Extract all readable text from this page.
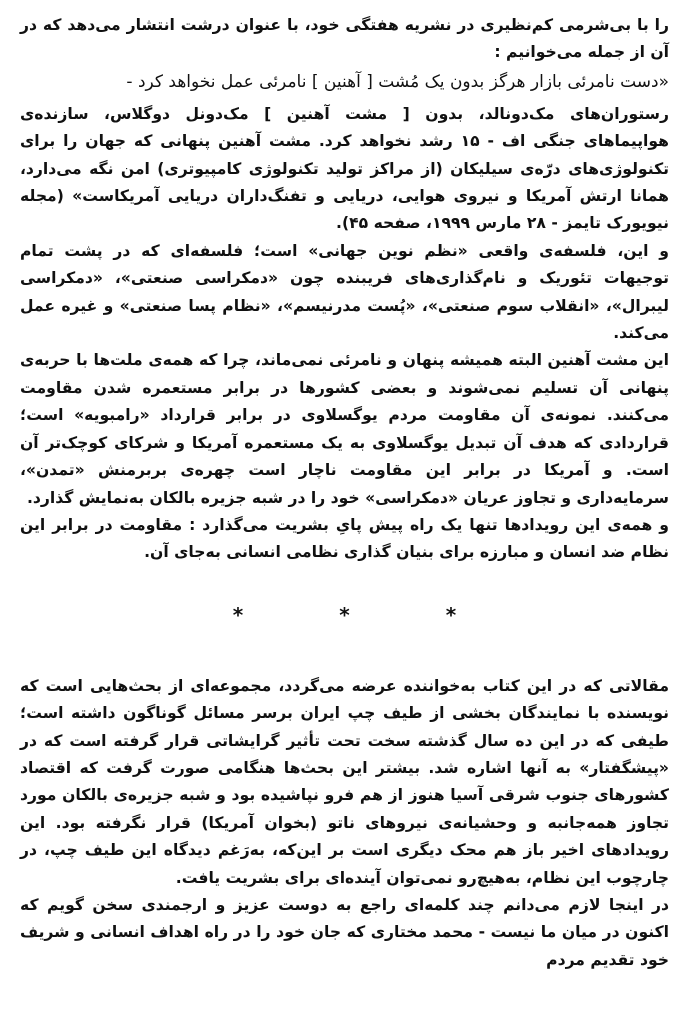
را با بی‌شرمی کم‌نظیری در نشریه هفتگی خود، با عنوان درشت انتشار می‌دهد که در آن از جمله می‌خوانیم :

«دست نامرئی بازار هرگز بدون یک مُشت [ آهنین ] نامرئی عمل نخواهد کرد -

رستوران‌های مک‌دونالد، بدون [ مشت آهنین ] مک‌دونل دوگلاس، سازنده‌ی هواپیماهای جنگی اف - ۱۵ رشد نخواهد کرد. مشت آهنین پنهانی که جهان را برای تکنولوژی‌های درّه‌ی سیلیکان (از مراکز تولید تکنولوژی کامپیوتری) امن نگه می‌دارد، همانا ارتش آمریکا و نیروی هوایی، دریایی و تفنگ‌داران دریایی آمریکاست» (مجله نیویورک تایمز - ۲۸ مارس ۱۹۹۹، صفحه ۴۵).

و این، فلسفه‌ی واقعی «نظم نوین جهانی» است؛ فلسفه‌ای که در پشت تمام توجیهات تئوریک و نام‌گذاری‌های فریبنده چون «دمکراسی صنعتی»، «دمکراسی لیبرال»، «انقلاب سوم صنعتی»، «پُست مدرنیسم»، «نظام پسا صنعتی» و غیره عمل می‌کند.

این مشت آهنین البته همیشه پنهان و نامرئی نمی‌ماند، چرا که همه‌ی ملت‌ها با حربه‌ی پنهانی آن تسلیم نمی‌شوند و بعضی کشورها در برابر مستعمره شدن مقاومت می‌کنند. نمونه‌ی آن مقاومت مردم یوگسلاوی در برابر قرارداد «رامبویه» است؛ قراردادی که هدف آن تبدیل یوگسلاوی به یک مستعمره آمریکا و شرکای کوچک‌تر آن است. و آمریکا در برابر این مقاومت ناچار است چهره‌ی بربرمنش «تمدن»، سرمایه‌داری و تجاوز عریان «دمکراسی» خود را در شبه جزیره بالکان به‌نمایش گذارد.

و همه‌ی این رویدادها تنها یک راه پیش پایِ بشریت می‌گذارد : مقاومت در برابر این نظام ضد انسان و مبارزه برای بنیان گذاری نظامی انسانی به‌جای آن.

*	*	*

مقالاتی که در این کتاب به‌خواننده عرضه می‌گردد، مجموعه‌ای از بحث‌هایی است که نویسنده با نمایندگان بخشی از طیف چپ ایران برسر مسائل گوناگون داشته است؛ طیفی که در این ده سال گذشته سخت تحت تأثیر گرایشاتی قرار گرفته است که در «پیشگفتار» به آنها اشاره شد. بیشتر این بحث‌ها هنگامی صورت گرفت که اقتصاد کشورهای جنوب شرقی آسیا هنوز از هم فرو نپاشیده بود و شبه جزیره‌ی بالکان مورد تجاوز همه‌جانبه و وحشیانه‌ی نیروهای ناتو (بخوان آمریکا) قرار نگرفته بود. این رویدادهای اخیر باز هم محک دیگری است بر این‌که، به‌رَغم دیدگاه این طیف چپ، در چارچوب این نظام، به‌هیچ‌رو نمی‌توان آینده‌ای برای بشریت یافت.

در اینجا لازم می‌دانم چند کلمه‌ای راجع به دوست عزیز و ارجمندی سخن گویم که اکنون در میان ما نیست - محمد مختاری که جان خود را در راه اهداف انسانی و شریف خود تقدیم مردم
